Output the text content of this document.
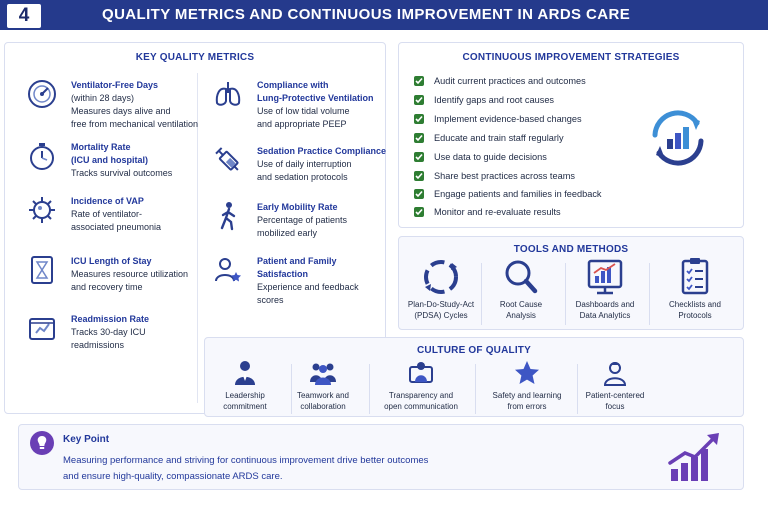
4	QUALITY METRICS AND CONTINUOUS IMPROVEMENT IN ARDS CARE
KEY QUALITY METRICS
Ventilator-Free Days
(within 28 days)
Measures days alive and
free from mechanical ventilation
Mortality Rate
(ICU and hospital)
Tracks survival outcomes
Incidence of VAP
Rate of ventilator-
associated pneumonia
ICU Length of Stay
Measures resource utilization
and recovery time
Readmission Rate
Tracks 30-day ICU
readmissions
Compliance with
Lung-Protective Ventilation
Use of low tidal volume
and appropriate PEEP
Sedation Practice Compliance
Use of daily interruption
and sedation protocols
Early Mobility Rate
Percentage of patients
mobilized early
Patient and Family
Satisfaction
Experience and feedback
scores
CONTINUOUS IMPROVEMENT STRATEGIES
Audit current practices and outcomes
Identify gaps and root causes
Implement evidence-based changes
Educate and train staff regularly
Use data to guide decisions
Share best practices across teams
Engage patients and families in feedback
Monitor and re-evaluate results
TOOLS AND METHODS
Plan-Do-Study-Act
(PDSA) Cycles
Root Cause
Analysis
Dashboards and
Data Analytics
Checklists and
Protocols
CULTURE OF QUALITY
Leadership
commitment
Teamwork and
collaboration
Transparency and
open communication
Safety and learning
from errors
Patient-centered
focus
Key Point
Measuring performance and striving for continuous improvement drive better outcomes
and ensure high-quality, compassionate ARDS care.
